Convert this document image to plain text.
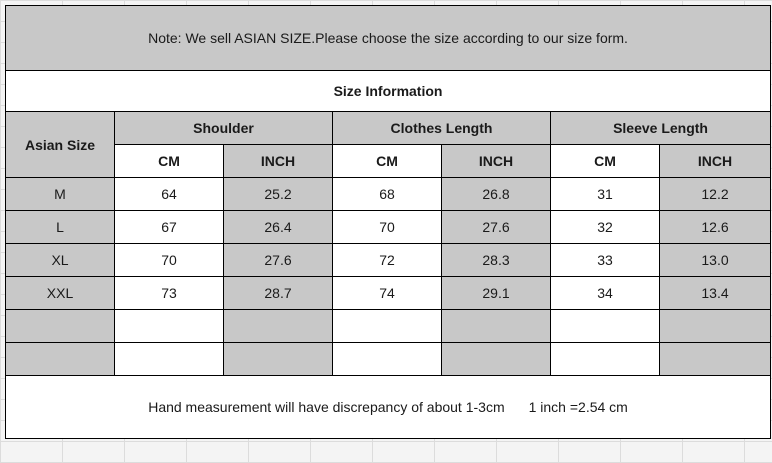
Note: We sell ASIAN SIZE.Please choose the size according to our size form.						
Size Information						
Asian Size	Shoulder		Clothes Length		Sleeve Length	
	CM	INCH	CM	INCH	CM	INCH
M	64	25.2	68	26.8	31	12.2
L	67	26.4	70	27.6	32	12.6
XL	70	27.6	72	28.3	33	13.0
XXL	73	28.7	74	29.1	34	13.4

Hand measurement will have discrepancy of about 1-3cm 1 inch =2.54 cm						
